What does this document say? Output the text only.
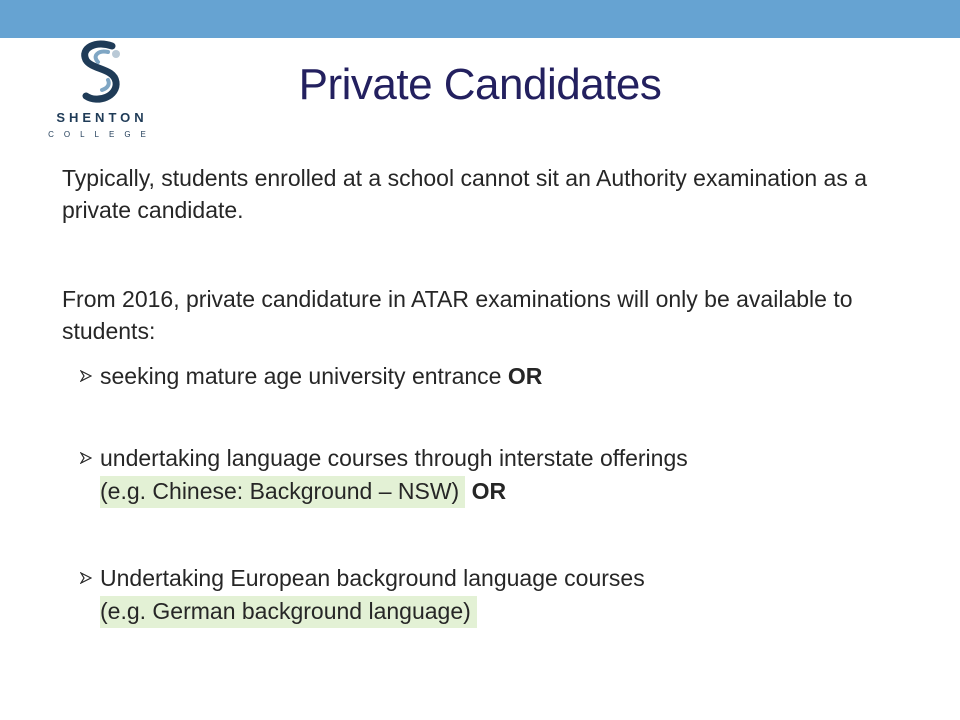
SHENTON
COLLEGE
Private Candidates

Typically, students enrolled at a school cannot sit an Authority examination as a private candidate.

From 2016, private candidature in ATAR examinations will only be available to students:

seeking mature age university entrance OR
undertaking language courses through interstate offerings
(e.g. Chinese: Background – NSW) OR
Undertaking European background language courses
(e.g. German background language)
